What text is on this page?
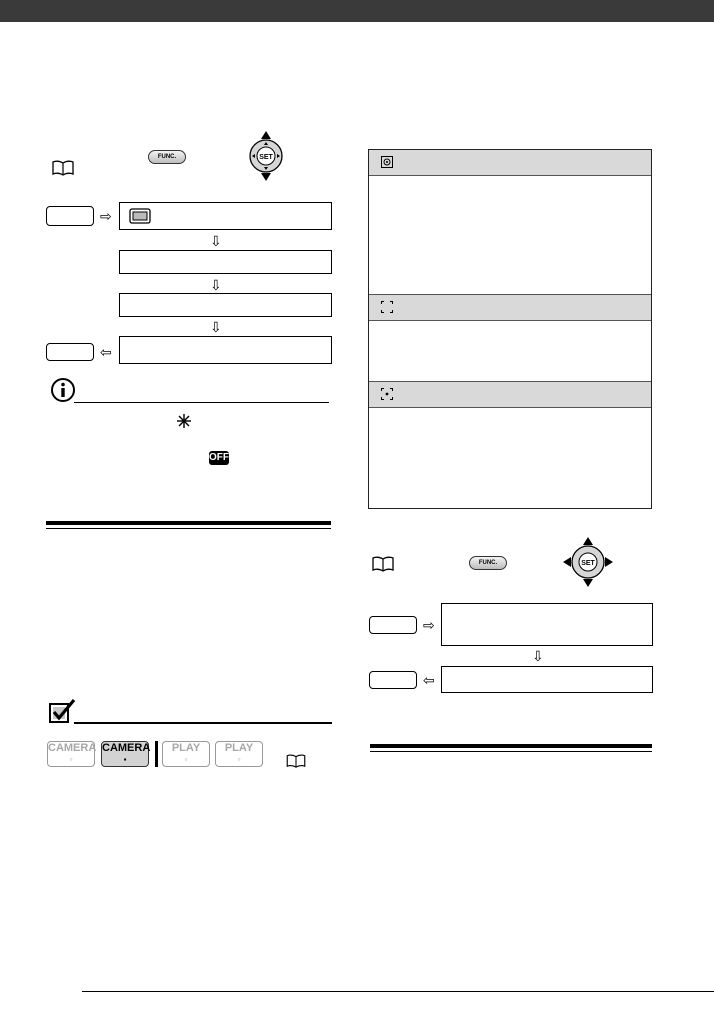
FUNC.	SET
⇨
⇩
⇩
⇩
⇦
OFF
CAMERA
▫
CAMERA
▪
PLAY
▫
PLAY
▫
FUNC.	SET
⇨
⇩
⇦
